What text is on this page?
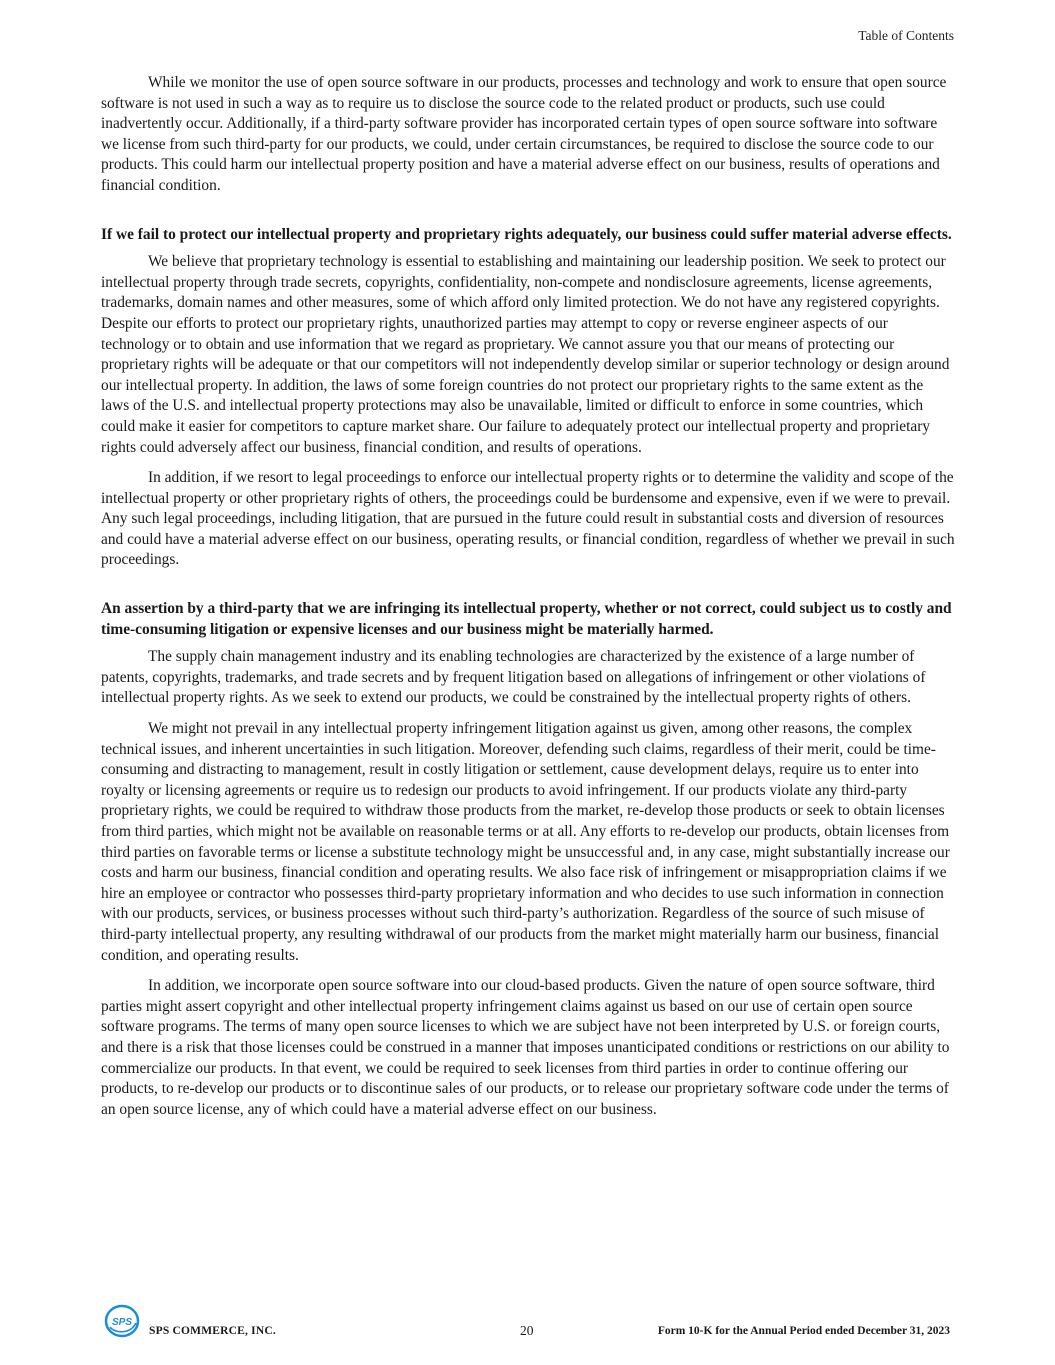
Table of Contents

While we monitor the use of open source software in our products, processes and technology and work to ensure that open source software is not used in such a way as to require us to disclose the source code to the related product or products, such use could inadvertently occur. Additionally, if a third-party software provider has incorporated certain types of open source software into software we license from such third-party for our products, we could, under certain circumstances, be required to disclose the source code to our products. This could harm our intellectual property position and have a material adverse effect on our business, results of operations and financial condition.

If we fail to protect our intellectual property and proprietary rights adequately, our business could suffer material adverse effects.

We believe that proprietary technology is essential to establishing and maintaining our leadership position. We seek to protect our intellectual property through trade secrets, copyrights, confidentiality, non-compete and nondisclosure agreements, license agreements, trademarks, domain names and other measures, some of which afford only limited protection. We do not have any registered copyrights. Despite our efforts to protect our proprietary rights, unauthorized parties may attempt to copy or reverse engineer aspects of our technology or to obtain and use information that we regard as proprietary. We cannot assure you that our means of protecting our proprietary rights will be adequate or that our competitors will not independently develop similar or superior technology or design around our intellectual property. In addition, the laws of some foreign countries do not protect our proprietary rights to the same extent as the laws of the U.S. and intellectual property protections may also be unavailable, limited or difficult to enforce in some countries, which could make it easier for competitors to capture market share. Our failure to adequately protect our intellectual property and proprietary rights could adversely affect our business, financial condition, and results of operations.

In addition, if we resort to legal proceedings to enforce our intellectual property rights or to determine the validity and scope of the intellectual property or other proprietary rights of others, the proceedings could be burdensome and expensive, even if we were to prevail. Any such legal proceedings, including litigation, that are pursued in the future could result in substantial costs and diversion of resources and could have a material adverse effect on our business, operating results, or financial condition, regardless of whether we prevail in such proceedings.

An assertion by a third-party that we are infringing its intellectual property, whether or not correct, could subject us to costly and time-consuming litigation or expensive licenses and our business might be materially harmed.

The supply chain management industry and its enabling technologies are characterized by the existence of a large number of patents, copyrights, trademarks, and trade secrets and by frequent litigation based on allegations of infringement or other violations of intellectual property rights. As we seek to extend our products, we could be constrained by the intellectual property rights of others.

We might not prevail in any intellectual property infringement litigation against us given, among other reasons, the complex technical issues, and inherent uncertainties in such litigation. Moreover, defending such claims, regardless of their merit, could be time-consuming and distracting to management, result in costly litigation or settlement, cause development delays, require us to enter into royalty or licensing agreements or require us to redesign our products to avoid infringement. If our products violate any third-party proprietary rights, we could be required to withdraw those products from the market, re-develop those products or seek to obtain licenses from third parties, which might not be available on reasonable terms or at all. Any efforts to re-develop our products, obtain licenses from third parties on favorable terms or license a substitute technology might be unsuccessful and, in any case, might substantially increase our costs and harm our business, financial condition and operating results. We also face risk of infringement or misappropriation claims if we hire an employee or contractor who possesses third-party proprietary information and who decides to use such information in connection with our products, services, or business processes without such third-party’s authorization. Regardless of the source of such misuse of third-party intellectual property, any resulting withdrawal of our products from the market might materially harm our business, financial condition, and operating results.

In addition, we incorporate open source software into our cloud-based products. Given the nature of open source software, third parties might assert copyright and other intellectual property infringement claims against us based on our use of certain open source software programs. The terms of many open source licenses to which we are subject have not been interpreted by U.S. or foreign courts, and there is a risk that those licenses could be construed in a manner that imposes unanticipated conditions or restrictions on our ability to commercialize our products. In that event, we could be required to seek licenses from third parties in order to continue offering our products, to re-develop our products or to discontinue sales of our products, or to release our proprietary software code under the terms of an open source license, any of which could have a material adverse effect on our business.

SPS
SPS COMMERCE, INC.	20	Form 10-K for the Annual Period ended December 31, 2023
